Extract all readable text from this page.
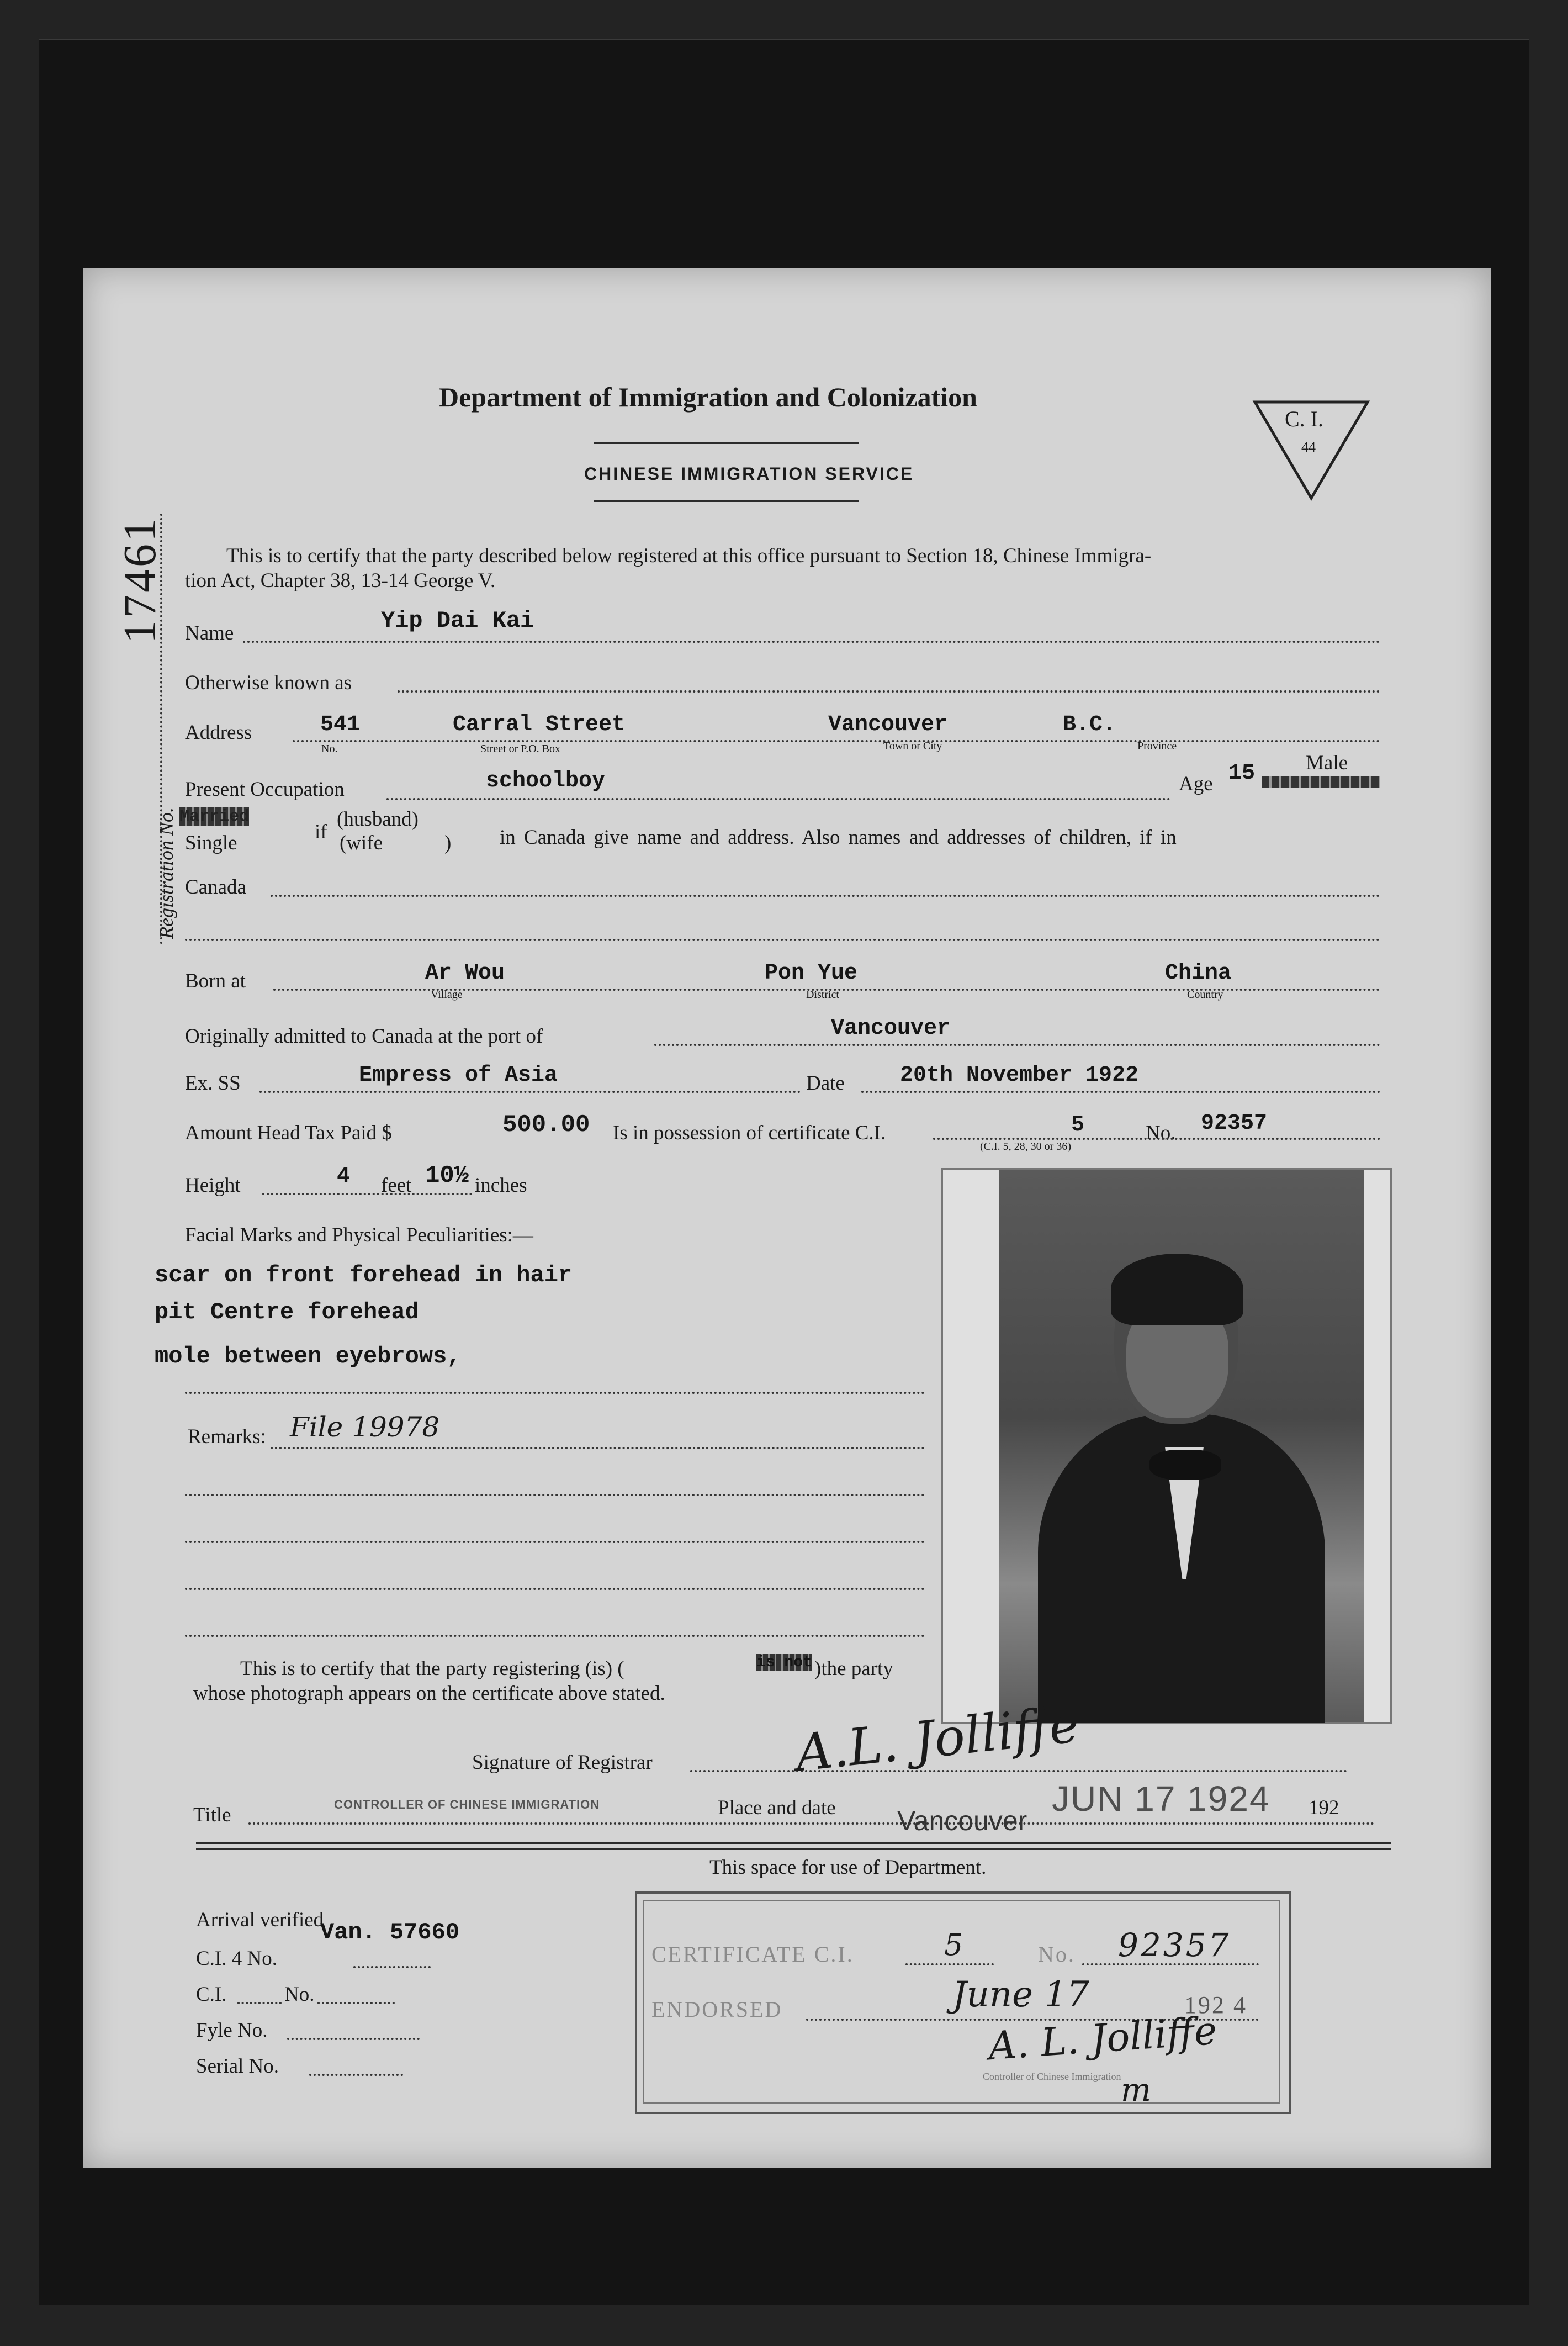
Department of Immigration and Colonization
CHINESE IMMIGRATION SERVICE
C. I.
44
17461
Registration No.
This is to certify that the party described below registered at this office pursuant to Section 18, Chinese Immigra-
tion Act, Chapter 38, 13-14 George V.
Name	Yip Dai Kai
Otherwise known as
Address	541
No.
Carral Street
Street or P.O. Box
Vancouver
Town or City
B.C.
Province
Present Occupation	schoolboy	Age 15 Male
Married
Single	if
(husband)
(wife	) in Canada give name and address. Also names and addresses of children, if in
Canada
Born at	Ar Wou
Village
Pon Yue
District
China
Country
Originally admitted to Canada at the port of	Vancouver
Ex. SS	Empress of Asia	Date	20th November 1922
Amount Head Tax Paid $	500.00 Is in possession of certificate C.I.	5	No. 92357
(C.I. 5, 28, 30 or 36)
Height	4 feet 10½ inches
Facial Marks and Physical Peculiarities:—
scar on front forehead in hair
pit Centre forehead
mole between eyebrows,
Remarks: File 19978
This is to certify that the party registering (is) (	is not )the party
whose photograph appears on the certificate above stated.
Signature of Registrar	A.L. Jolliffe
Title	CONTROLLER OF CHINESE IMMIGRATION	Place and date Vancouver
JUN 17 1924 192
This space for use of Department.
Arrival verified
Van. 57660
C.I. 4 No.
C.I.	No.
Fyle No.
Serial No.
CERTIFICATE C.I.	5	No. 92357
ENDORSED	June 17	192 4
A. L. Jolliffe
Controller of Chinese Immigration m
